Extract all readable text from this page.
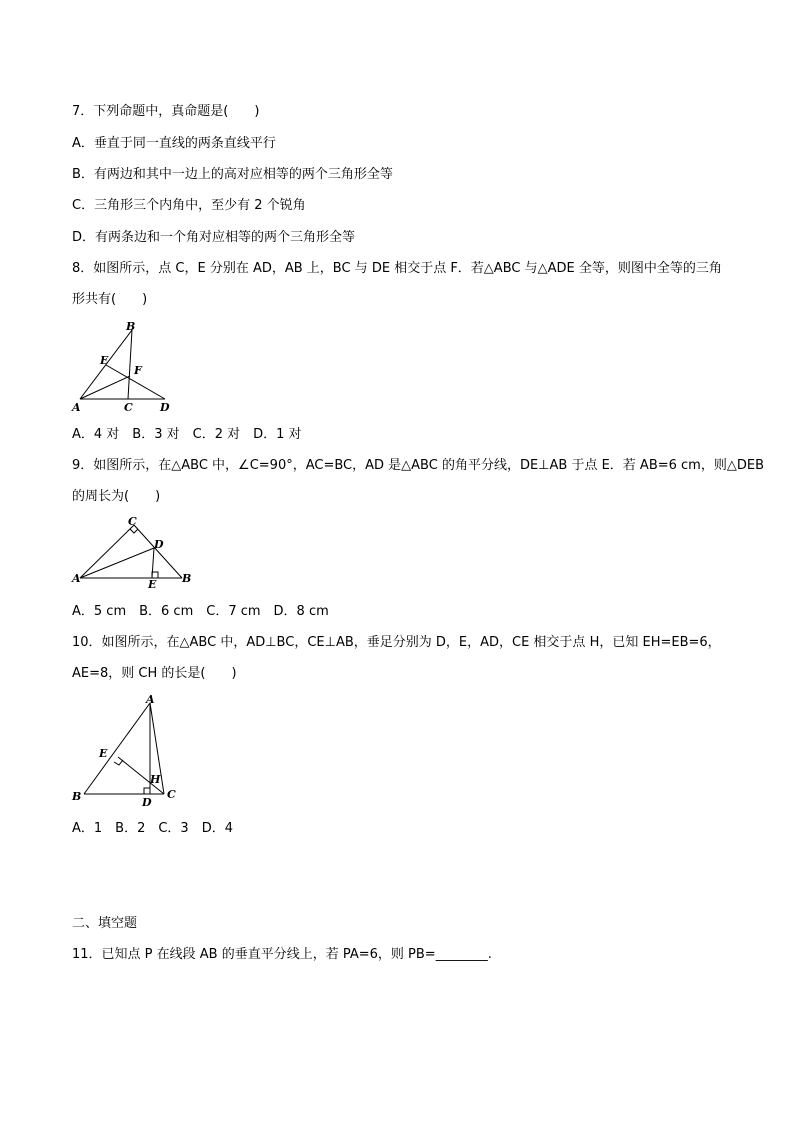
7．下列命题中，真命题是(　　)
A．垂直于同一直线的两条直线平行
B．有两边和其中一边上的高对应相等的两个三角形全等
C．三角形三个内角中，至少有 2 个锐角
D．有两条边和一个角对应相等的两个三角形全等
8．如图所示，点 C，E 分别在 AD，AB 上，BC 与 DE 相交于点 F．若△ABC 与△ADE 全等，则图中全等的三角
形共有(　　)
B
E
F
A	C D
A．4 对　B．3 对　C．2 对　D．1 对
9．如图所示，在△ABC 中，∠C=90°，AC=BC，AD 是△ABC 的角平分线，DE⊥AB 于点 E．若 AB=6 cm，则△DEB
的周长为(　　)
C
D
A	E B
A．5 cm　B．6 cm　C．7 cm　D．8 cm
10．如图所示，在△ABC 中，AD⊥BC，CE⊥AB，垂足分别为 D，E，AD，CE 相交于点 H，已知 EH=EB=6，
AE=8，则 CH 的长是(　　)
A
E
H
B	D
C
A．1　B．2　C．3　D．4
二、填空题
11．已知点 P 在线段 AB 的垂直平分线上，若 PA=6，则 PB=________.
